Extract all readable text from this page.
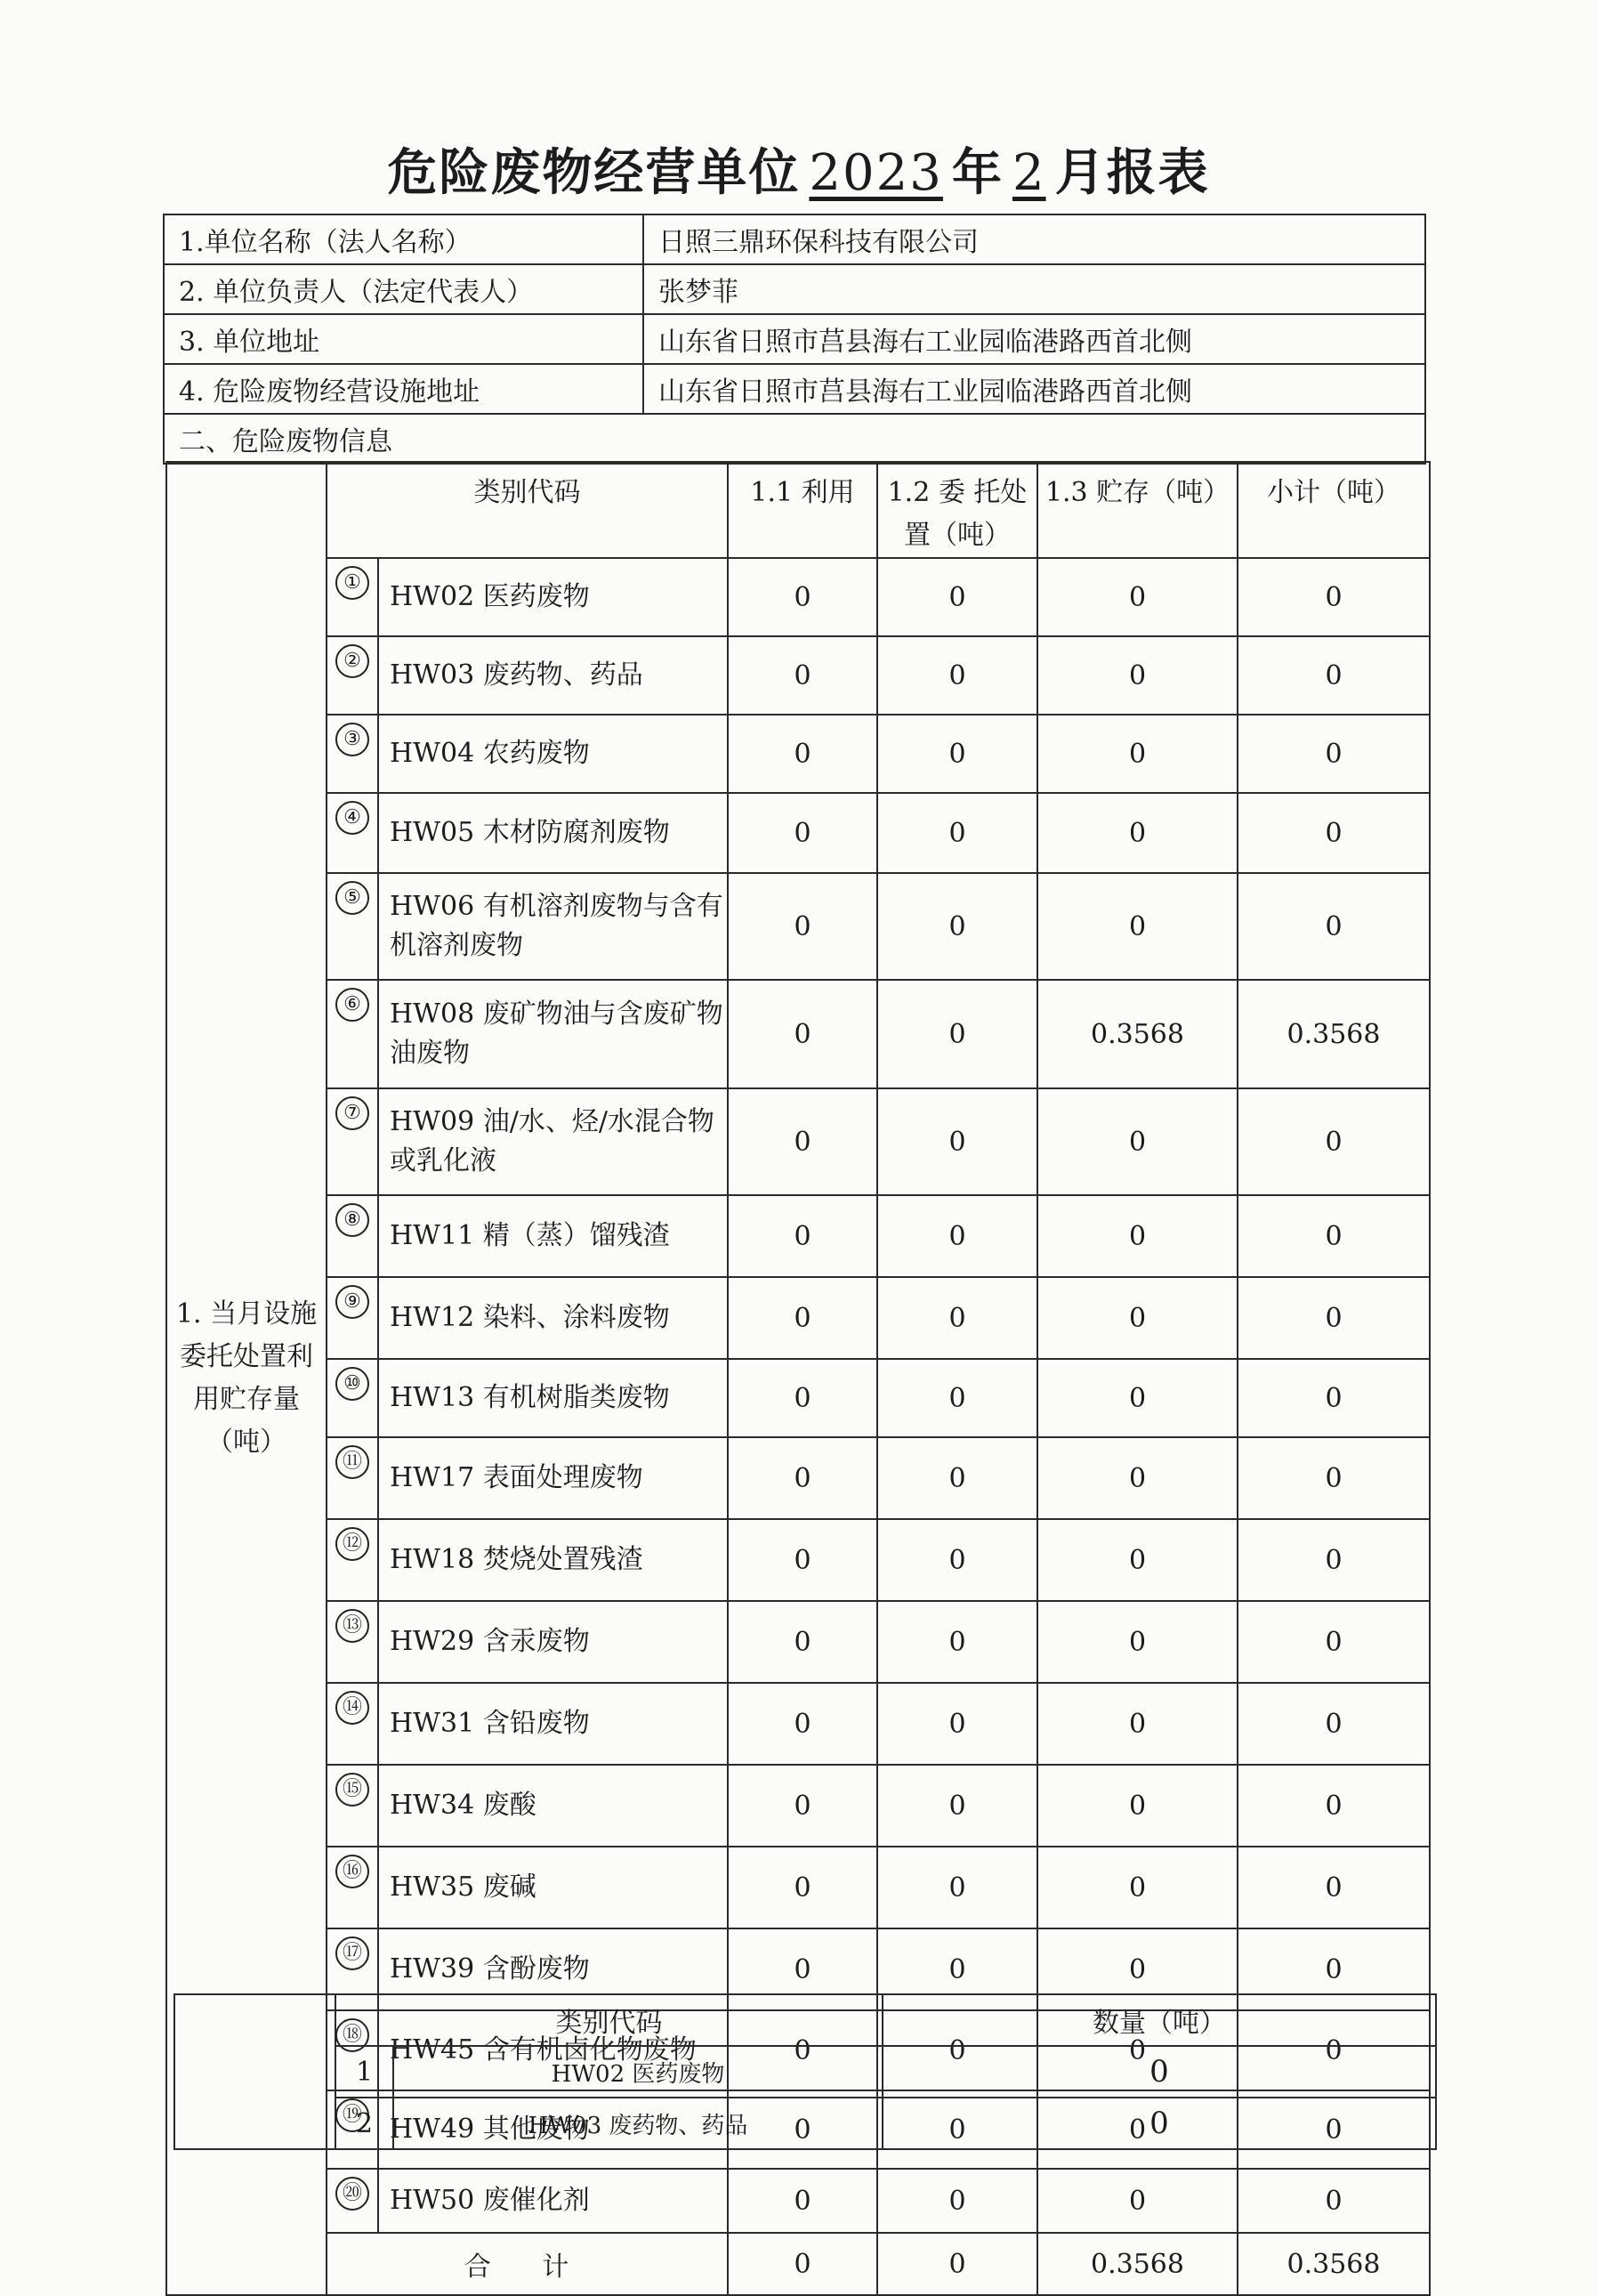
危险废物经营单位 2023 年 2 月报表
1.单位名称（法人名称）	日照三鼎环保科技有限公司
2. 单位负责人（法定代表人）	张梦菲
3. 单位地址	山东省日照市莒县海右工业园临港路西首北侧
4. 危险废物经营设施地址	山东省日照市莒县海右工业园临港路西首北侧
二、危险废物信息	
1. 当月设施委托处置利用贮存量（吨）	类别代码		1.1 利用	1.2 委 托处置（吨）	1.3 贮存（吨）	小计（吨）
	①	HW02 医药废物	0	0	0	0
	②	HW03 废药物、药品	0	0	0	0
	③	HW04 农药废物	0	0	0	0
	④	HW05 木材防腐剂废物	0	0	0	0
	⑤	HW06 有机溶剂废物与含有机溶剂废物	0	0	0	0
	⑥	HW08 废矿物油与含废矿物油废物	0	0	0.3568	0.3568
	⑦	HW09 油/水、烃/水混合物或乳化液	0	0	0	0
	⑧	HW11 精（蒸）馏残渣	0	0	0	0
	⑨	HW12 染料、涂料废物	0	0	0	0
	⑩	HW13 有机树脂类废物	0	0	0	0
	⑪	HW17 表面处理废物	0	0	0	0
	⑫	HW18 焚烧处置残渣	0	0	0	0
	⑬	HW29 含汞废物	0	0	0	0
	⑭	HW31 含铅废物	0	0	0	0
	⑮	HW34 废酸	0	0	0	0
	⑯	HW35 废碱	0	0	0	0
	⑰	HW39 含酚废物	0	0	0	0
	⑱	HW45 含有机卤化物废物	0	0	0	0
	⑲	HW49 其他废物	0	0	0	0
	⑳	HW50 废催化剂	0	0	0	0
	合 计		0	0	0.3568	0.3568
	类别代码		数量（吨）
	1	HW02 医药废物	0
	2	HW03 废药物、药品	0
